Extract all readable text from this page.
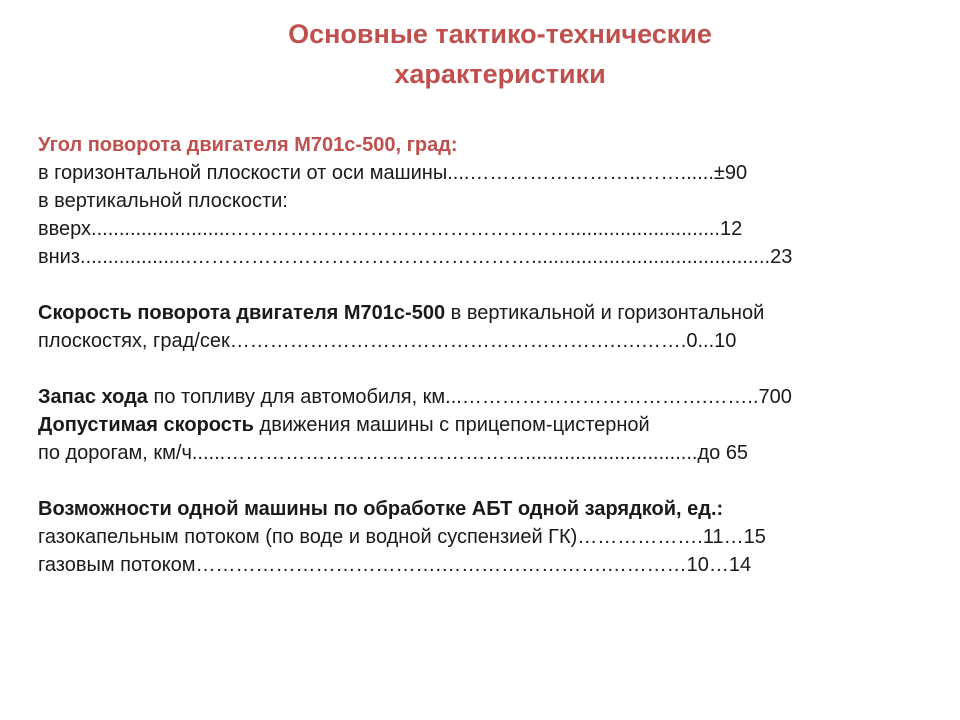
Основные тактико-технические
характеристики
Угол поворота двигателя М701с-500, град:
в горизонтальной плоскости от оси машины....……………………..……......±90
в вертикальной плоскости:
вверх.........................……………………………………………...........................12
вниз....................……………………………………………...........................................23
Скорость поворота двигателя М701с-500 в вертикальной и горизонтальной
плоскостях, град/сек………………………………………………….….…….0...10
Запас хода по топливу для автомобиля, км...……………………………….……..700
Допустимая скорость движения машины с прицепом-цистерной
по дорогам, км/ч......………………………………………...............................до 65
Возможности одной машины по обработке АБТ одной зарядкой, ед.:
газокапельным потоком (по воде и водной суспензией ГК)……………….11…15
газовым потоком……………………………….…………………….…………10…14
